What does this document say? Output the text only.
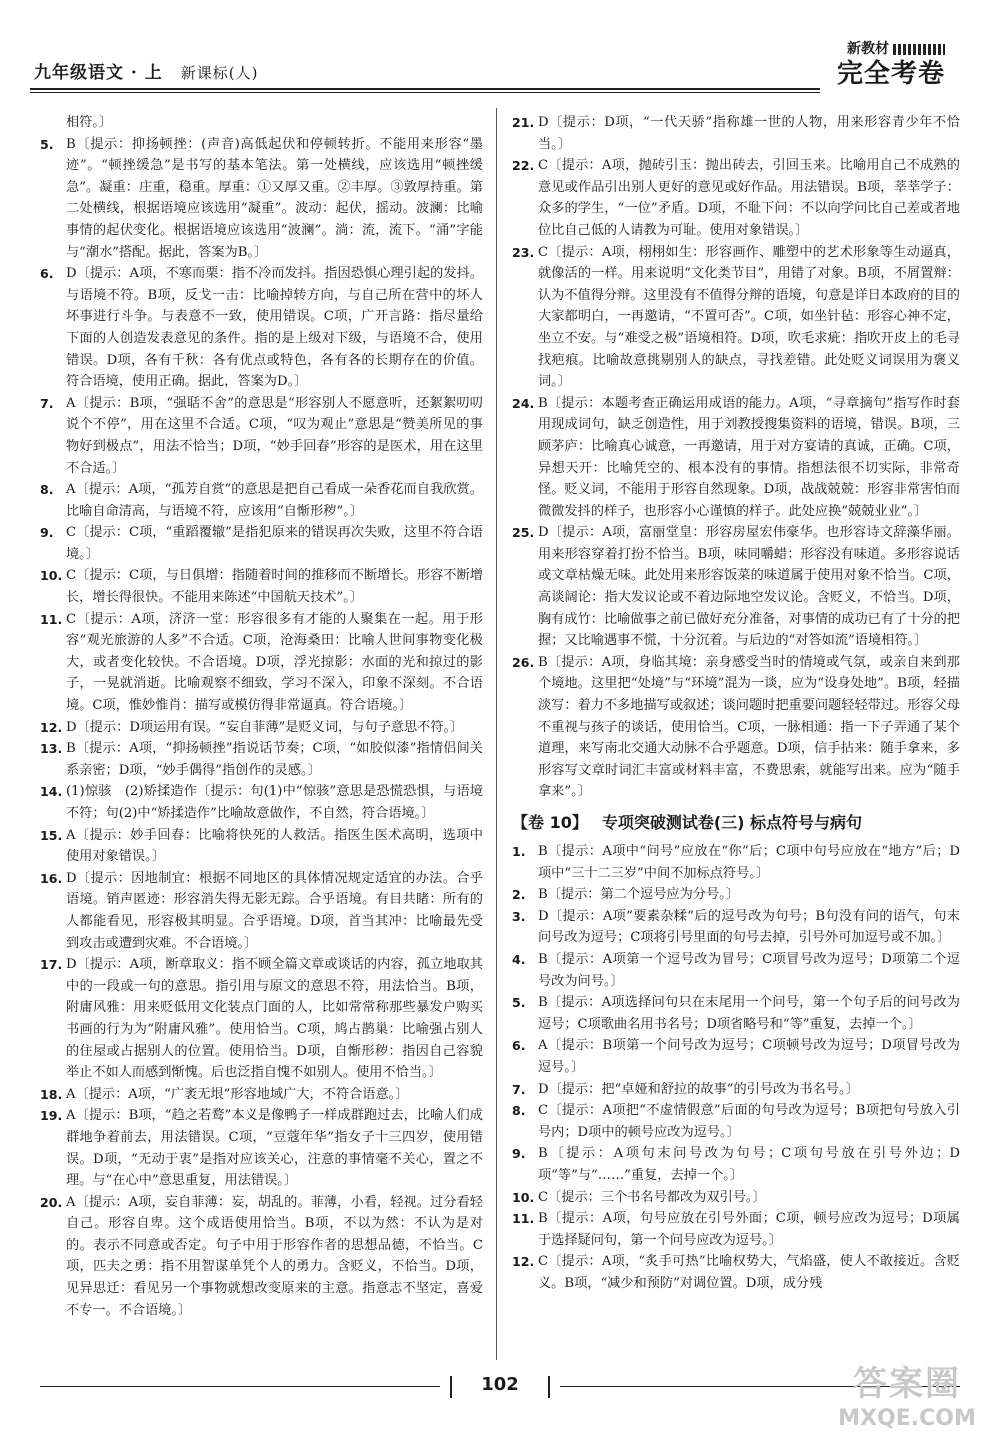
九年级语文 · 上 新课标(人)
新教材
完全考卷
相符。〕
5. B〔提示：抑扬顿挫：(声音)高低起伏和停顿转折。不能用来形容“墨迹”。“顿挫缓急”是书写的基本笔法。第一处横线，应该选用“顿挫缓急”。凝重：庄重，稳重。厚重：①又厚又重。②丰厚。③敦厚持重。第二处横线，根据语境应该选用“凝重”。波动：起伏，摇动。波澜：比喻事情的起伏变化。根据语境应该选用“波澜”。淌：流，流下。“涌”字能与“潮水”搭配。据此，答案为B。〕
6. D〔提示：A项，不寒而栗：指不冷而发抖。指因恐惧心理引起的发抖。与语境不符。B项，反戈一击：比喻掉转方向，与自己所在营中的坏人坏事进行斗争。与表意不一致，使用错误。C项，广开言路：指尽量给下面的人创造发表意见的条件。指的是上级对下级，与语境不合，使用错误。D项，各有千秋：各有优点或特色，各有各的长期存在的价值。符合语境，使用正确。据此，答案为D。〕
7. A〔提示：B项，“强聒不舍”的意思是“形容别人不愿意听，还絮絮叨叨说个不停”，用在这里不合适。C项，“叹为观止”意思是“赞美所见的事物好到极点”，用法不恰当；D项，“妙手回春”形容的是医术，用在这里不合适。〕
8. A〔提示：A项，“孤芳自赏”的意思是把自己看成一朵香花而自我欣赏。比喻自命清高，与语境不符，应该用“自惭形秽”。〕
9. C〔提示：C项，“重蹈覆辙”是指犯原来的错误再次失败，这里不符合语境。〕
10. C〔提示：C项，与日俱增：指随着时间的推移而不断增长。形容不断增长，增长得很快。不能用来陈述“中国航天技术”。〕
11. C〔提示：A项，济济一堂：形容很多有才能的人聚集在一起。用于形容“观光旅游的人多”不合适。C项，沧海桑田：比喻人世间事物变化极大，或者变化较快。不合语境。D项，浮光掠影：水面的光和掠过的影子，一晃就消逝。比喻观察不细致，学习不深入，印象不深刻。不合语境。C项，惟妙惟肖：描写或模仿得非常逼真。符合语境。〕
12. D〔提示：D项运用有误。“妄自菲薄”是贬义词，与句子意思不符。〕
13. B〔提示：A项，“抑扬顿挫”指说话节奏；C项，“如胶似漆”指情侣间关系亲密；D项，“妙手偶得”指创作的灵感。〕
14. (1)惊骇　(2)矫揉造作〔提示：句(1)中“惊骇”意思是恐慌恐惧，与语境不符；句(2)中“矫揉造作”比喻故意做作，不自然，符合语境。〕
15. A〔提示：妙手回春：比喻将快死的人救活。指医生医术高明，选项中使用对象错误。〕
16. D〔提示：因地制宜：根据不同地区的具体情况规定适宜的办法。合乎语境。销声匿迹：形容消失得无影无踪。合乎语境。有目共睹：所有的人都能看见，形容极其明显。合乎语境。D项，首当其冲：比喻最先受到攻击或遭到灾难。不合语境。〕
17. D〔提示：A项，断章取义：指不顾全篇文章或谈话的内容，孤立地取其中的一段或一句的意思。指引用与原文的意思不符，用法恰当。B项，附庸风雅：用来贬低用文化装点门面的人，比如常常称那些暴发户购买书画的行为为“附庸风雅”。使用恰当。C项，鸠占鹊巢：比喻强占别人的住屋或占据别人的位置。使用恰当。D项，自惭形秽：指因自己容貌举止不如人而感到惭愧。后也泛指自愧不如别人。使用不恰当。〕
18. A〔提示：A项，“广袤无垠”形容地域广大，不符合语意。〕
19. A〔提示：B项，“趋之若鹜”本义是像鸭子一样成群跑过去，比喻人们成群地争着前去，用法错误。C项，“豆蔻年华”指女子十三四岁，使用错误。D项，“无动于衷”是指对应该关心，注意的事情毫不关心，置之不理。与“在心中”意思重复，用法错误。〕
20. A〔提示：A项，妄自菲薄：妄，胡乱的。菲薄，小看，轻视。过分看轻自己。形容自卑。这个成语使用恰当。B项，不以为然：不认为是对的。表示不同意或否定。句子中用于形容作者的思想品德，不恰当。C项，匹夫之勇：指不用智谋单凭个人的勇力。含贬义，不恰当。D项，见异思迁：看见另一个事物就想改变原来的主意。指意志不坚定，喜爱不专一。不合语境。〕
21. D〔提示：D项，“一代天骄”指称雄一世的人物，用来形容青少年不恰当。〕
22. C〔提示：A项，抛砖引玉：抛出砖去，引回玉来。比喻用自己不成熟的意见或作品引出别人更好的意见或好作品。用法错误。B项，莘莘学子：众多的学生，“一位”矛盾。D项，不耻下问：不以向学问比自己差或者地位比自己低的人请教为可耻。使用对象错误。〕
23. C〔提示：A项，栩栩如生：形容画作、雕塑中的艺术形象等生动逼真，就像活的一样。用来说明“文化类节目”，用错了对象。B项，不屑置辩：认为不值得分辩。这里没有不值得分辩的语境，句意是详日本政府的目的大家都明白，一再邀请，“不置可否”。C项，如坐针毡：形容心神不定，坐立不安。与“难受之极”语境相符。D项，吹毛求疵：指吹开皮上的毛寻找疤痕。比喻故意挑剔别人的缺点，寻找差错。此处贬义词误用为褒义词。〕
24. B〔提示：本题考查正确运用成语的能力。A项，“寻章摘句”指写作时套用现成词句，缺乏创造性，用于刘教授搜集资料的语境，错误。B项，三顾茅庐：比喻真心诚意，一再邀请，用于对方宴请的真诚，正确。C项，异想天开：比喻凭空的、根本没有的事情。指想法很不切实际，非常奇怪。贬义词，不能用于形容自然现象。D项，战战兢兢：形容非常害怕而微微发抖的样子，也形容小心谨慎的样子。此处应换“兢兢业业”。〕
25. D〔提示：A项，富丽堂皇：形容房屋宏伟豪华。也形容诗文辞藻华丽。用来形容穿着打扮不恰当。B项，味同嚼蜡：形容没有味道。多形容说话或文章枯燥无味。此处用来形容饭菜的味道属于使用对象不恰当。C项，高谈阔论：指大发议论或不着边际地空发议论。含贬义，不恰当。D项，胸有成竹：比喻做事之前已做好充分准备，对事情的成功已有了十分的把握；又比喻遇事不慌，十分沉着。与后边的“对答如流”语境相符。〕
26. B〔提示：A项，身临其境：亲身感受当时的情境或气氛，或亲自来到那个境地。这里把“处境”与“环境”混为一谈，应为“设身处地”。B项，轻描淡写：着力不多地描写或叙述；谈问题时把重要问题轻轻带过。形容父母不重视与孩子的谈话，使用恰当。C项，一脉相通：指一下子弄通了某个道理，来写南北交通大动脉不合乎题意。D项，信手拈来：随手拿来，多形容写文章时词汇丰富或材料丰富，不费思索，就能写出来。应为“随手拿来”。〕
【卷 10】 专项突破测试卷(三) 标点符号与病句
1. B〔提示：A项中“问号”应放在“你”后；C项中句号应放在“地方”后；D项中“三十二三岁”中间不加标点符号。〕
2. B〔提示：第二个逗号应为分号。〕
3. D〔提示：A项“要素杂糅”后的逗号改为句号；B句没有问的语气，句末问号改为逗号；C项将引号里面的句号去掉，引号外可加逗号或不加。〕
4. B〔提示：A项第一个逗号改为冒号；C项冒号改为逗号；D项第二个逗号改为问号。〕
5. B〔提示：A项选择问句只在末尾用一个问号，第一个句子后的问号改为逗号；C项歌曲名用书名号；D项省略号和“等”重复，去掉一个。〕
6. A〔提示：B项第一个问号改为逗号；C项顿号改为逗号；D项冒号改为逗号。〕
7. D〔提示：把“卓娅和舒拉的故事”的引号改为书名号。〕
8. C〔提示：A项把“不虚情假意”后面的句号改为逗号；B项把句号放入引号内；D项中的顿号应改为逗号。〕
9. B〔提示：A项句末问号改为句号；C项句号放在引号外边；D项“等”与“……”重复，去掉一个。〕
10. C〔提示：三个书名号都改为双引号。〕
11. B〔提示：A项，句号应放在引号外面；C项，顿号应改为逗号；D项属于选择疑问句，第一个问号应改为逗号。〕
12. C〔提示：A项，“炙手可热”比喻权势大，气焰盛，使人不敢接近。含贬义。B项，“减少和预防”对调位置。D项，成分残
102	答案圈
MXQE.COM
